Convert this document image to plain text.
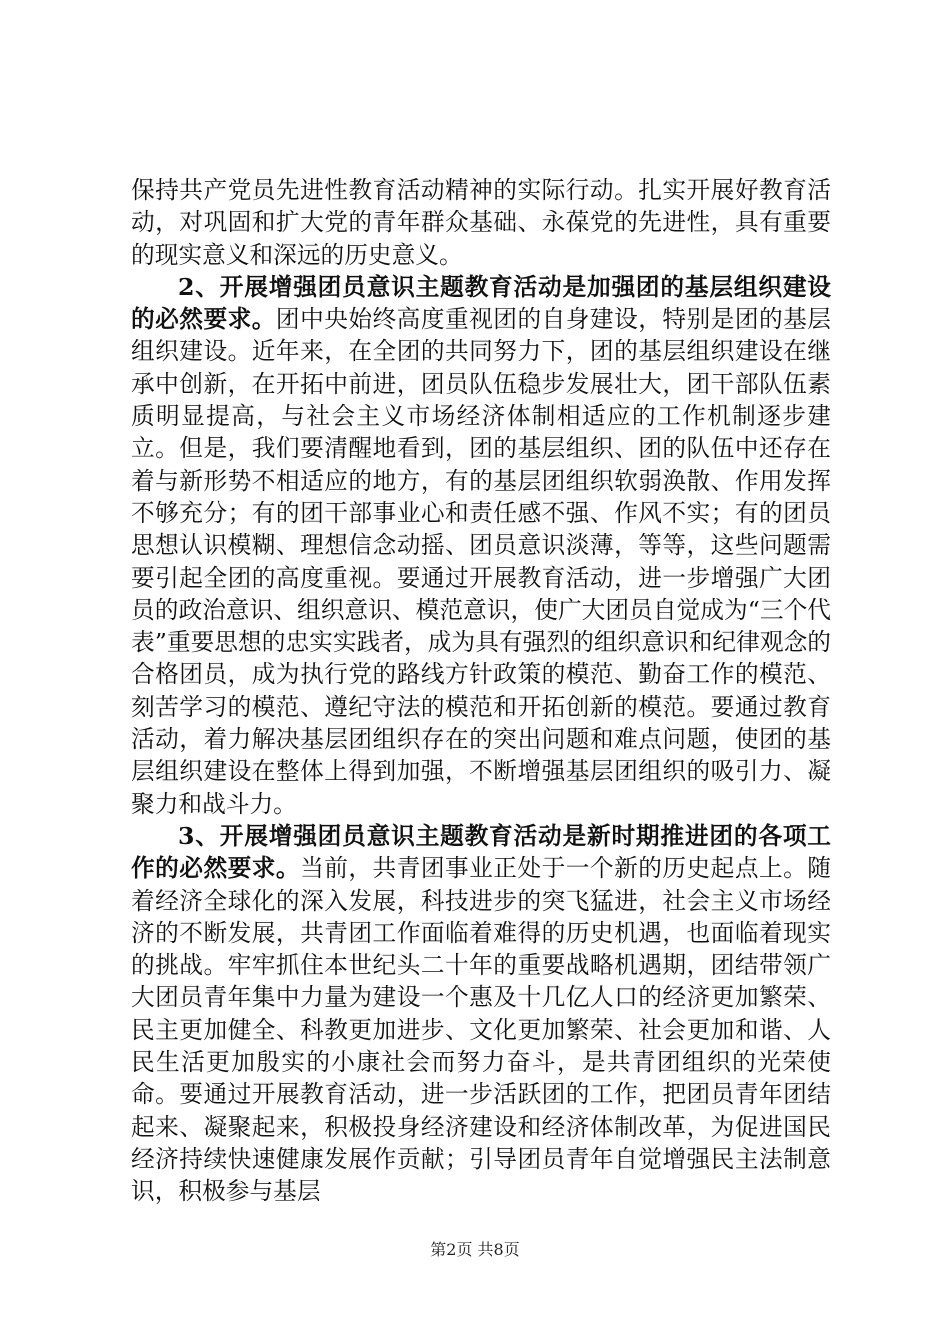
保持共产党员先进性教育活动精神的实际行动。扎实开展好教育活动，对巩固和扩大党的青年群众基础、永葆党的先进性，具有重要的现实意义和深远的历史意义。

2、开展增强团员意识主题教育活动是加强团的基层组织建设的必然要求。团中央始终高度重视团的自身建设，特别是团的基层组织建设。近年来，在全团的共同努力下，团的基层组织建设在继承中创新，在开拓中前进，团员队伍稳步发展壮大，团干部队伍素质明显提高，与社会主义市场经济体制相适应的工作机制逐步建立。但是，我们要清醒地看到，团的基层组织、团的队伍中还存在着与新形势不相适应的地方，有的基层团组织软弱涣散、作用发挥不够充分；有的团干部事业心和责任感不强、作风不实；有的团员思想认识模糊、理想信念动摇、团员意识淡薄，等等，这些问题需要引起全团的高度重视。要通过开展教育活动，进一步增强广大团员的政治意识、组织意识、模范意识，使广大团员自觉成为“三个代表”重要思想的忠实实践者，成为具有强烈的组织意识和纪律观念的合格团员，成为执行党的路线方针政策的模范、勤奋工作的模范、刻苦学习的模范、遵纪守法的模范和开拓创新的模范。要通过教育活动，着力解决基层团组织存在的突出问题和难点问题，使团的基层组织建设在整体上得到加强，不断增强基层团组织的吸引力、凝聚力和战斗力。

3、开展增强团员意识主题教育活动是新时期推进团的各项工作的必然要求。当前，共青团事业正处于一个新的历史起点上。随着经济全球化的深入发展，科技进步的突飞猛进，社会主义市场经济的不断发展，共青团工作面临着难得的历史机遇，也面临着现实的挑战。牢牢抓住本世纪头二十年的重要战略机遇期，团结带领广大团员青年集中力量为建设一个惠及十几亿人口的经济更加繁荣、民主更加健全、科教更加进步、文化更加繁荣、社会更加和谐、人民生活更加殷实的小康社会而努力奋斗，是共青团组织的光荣使命。要通过开展教育活动，进一步活跃团的工作，把团员青年团结起来、凝聚起来，积极投身经济建设和经济体制改革，为促进国民经济持续快速健康发展作贡献；引导团员青年自觉增强民主法制意识，积极参与基层

第2页 共8页
